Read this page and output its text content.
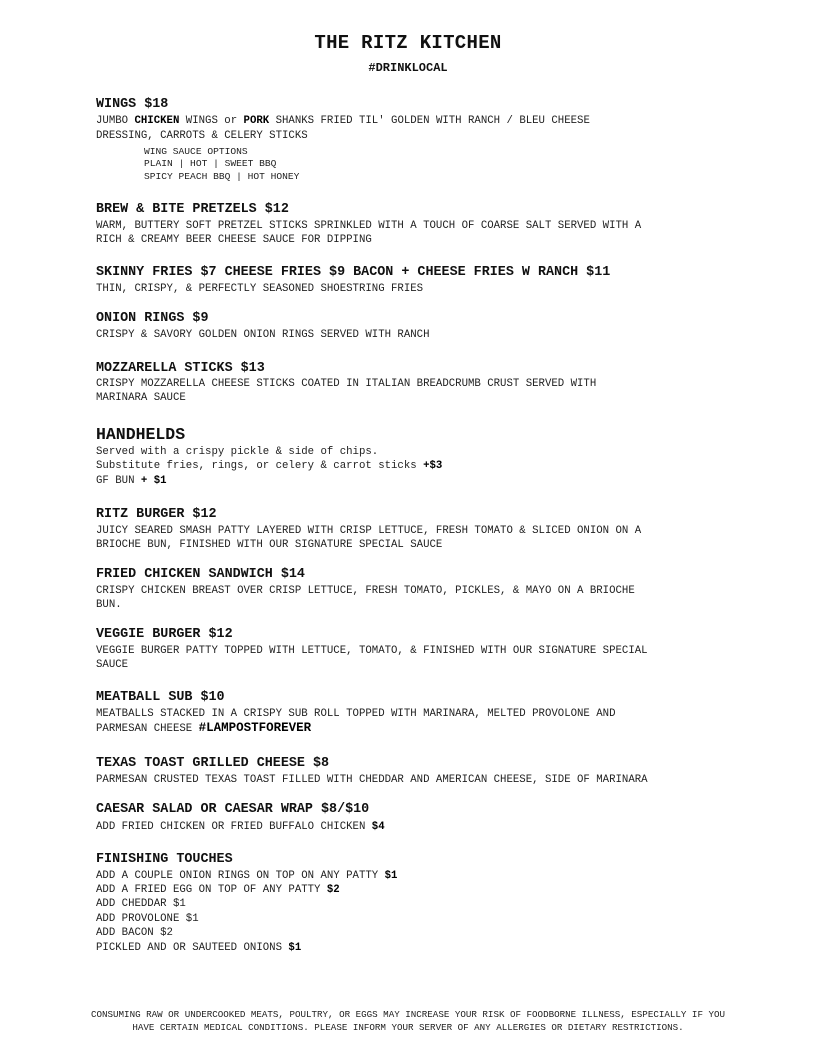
THE RITZ KITCHEN
#DRINKLOCAL
WINGS $18
JUMBO CHICKEN WINGS or PORK SHANKS FRIED TIL' GOLDEN WITH RANCH / BLEU CHEESE
DRESSING, CARROTS & CELERY STICKS
WING SAUCE OPTIONS
PLAIN | HOT | SWEET BBQ
SPICY PEACH BBQ | HOT HONEY
BREW & BITE PRETZELS $12
WARM, BUTTERY SOFT PRETZEL STICKS SPRINKLED WITH A TOUCH OF COARSE SALT SERVED WITH A
RICH & CREAMY BEER CHEESE SAUCE FOR DIPPING
SKINNY FRIES $7 CHEESE FRIES $9 BACON + CHEESE FRIES W RANCH $11
THIN, CRISPY, & PERFECTLY SEASONED SHOESTRING FRIES
ONION RINGS $9
CRISPY & SAVORY GOLDEN ONION RINGS SERVED WITH RANCH
MOZZARELLA STICKS $13
CRISPY MOZZARELLA CHEESE STICKS COATED IN ITALIAN BREADCRUMB CRUST SERVED WITH
MARINARA SAUCE
HANDHELDS
Served with a crispy pickle & side of chips.
Substitute fries, rings, or celery & carrot sticks +$3
GF BUN + $1
RITZ BURGER $12
JUICY SEARED SMASH PATTY LAYERED WITH CRISP LETTUCE, FRESH TOMATO & SLICED ONION ON A
BRIOCHE BUN, FINISHED WITH OUR SIGNATURE SPECIAL SAUCE
FRIED CHICKEN SANDWICH $14
CRISPY CHICKEN BREAST OVER CRISP LETTUCE, FRESH TOMATO, PICKLES, & MAYO ON A BRIOCHE
BUN.
VEGGIE BURGER $12
VEGGIE BURGER PATTY TOPPED WITH LETTUCE, TOMATO, & FINISHED WITH OUR SIGNATURE SPECIAL
SAUCE
MEATBALL SUB $10
MEATBALLS STACKED IN A CRISPY SUB ROLL TOPPED WITH MARINARA, MELTED PROVOLONE AND
PARMESAN CHEESE #LAMPOSTFOREVER
TEXAS TOAST GRILLED CHEESE $8
PARMESAN CRUSTED TEXAS TOAST FILLED WITH CHEDDAR AND AMERICAN CHEESE, SIDE OF MARINARA
CAESAR SALAD OR CAESAR WRAP $8/$10
ADD FRIED CHICKEN OR FRIED BUFFALO CHICKEN $4
FINISHING TOUCHES
ADD A COUPLE ONION RINGS ON TOP ON ANY PATTY $1
ADD A FRIED EGG ON TOP OF ANY PATTY $2
ADD CHEDDAR $1
ADD PROVOLONE $1
ADD BACON $2
PICKLED AND OR SAUTEED ONIONS $1
CONSUMING RAW OR UNDERCOOKED MEATS, POULTRY, OR EGGS MAY INCREASE YOUR RISK OF FOODBORNE ILLNESS, ESPECIALLY IF YOU HAVE CERTAIN MEDICAL CONDITIONS. PLEASE INFORM YOUR SERVER OF ANY ALLERGIES OR DIETARY RESTRICTIONS.
